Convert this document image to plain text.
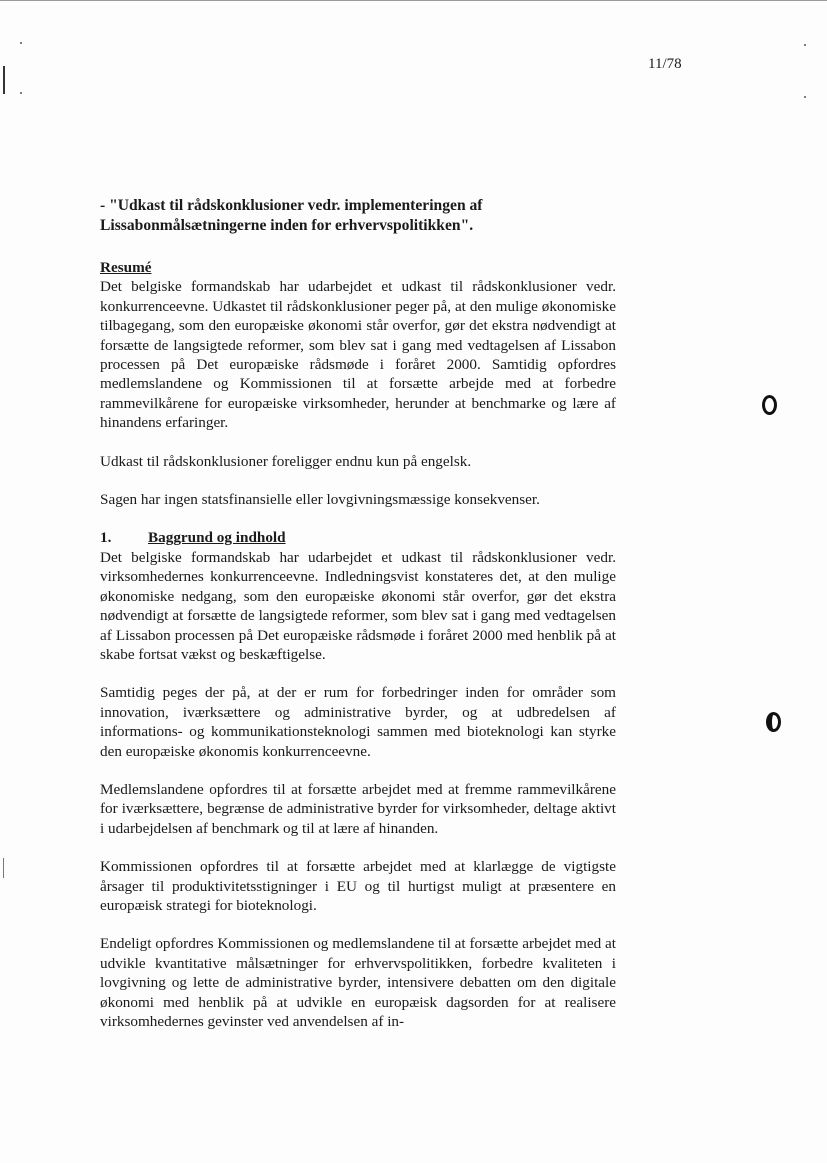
11/78

- "Udkast til rådskonklusioner vedr. implementeringen af Lissabonmålsætningerne inden for erhvervspolitikken".

Resumé

Det belgiske formandskab har udarbejdet et udkast til rådskonklusioner vedr. konkurrenceevne. Udkastet til rådskonklusioner peger på, at den mulige økonomiske tilbagegang, som den europæiske økonomi står overfor, gør det ekstra nødvendigt at forsætte de langsigtede reformer, som blev sat i gang med vedtagelsen af Lissabon processen på Det europæiske rådsmøde i foråret 2000. Samtidig opfordres medlemslandene og Kommissionen til at forsætte arbejde med at forbedre rammevilkårene for europæiske virksomheder, herunder at benchmarke og lære af hinandens erfaringer.

Udkast til rådskonklusioner foreligger endnu kun på engelsk.

Sagen har ingen statsfinansielle eller lovgivningsmæssige konsekvenser.

1.	Baggrund og indhold

Det belgiske formandskab har udarbejdet et udkast til rådskonklusioner vedr. virksomhedernes konkurrenceevne. Indledningsvist konstateres det, at den mulige økonomiske nedgang, som den europæiske økonomi står overfor, gør det ekstra nødvendigt at forsætte de langsigtede reformer, som blev sat i gang med vedtagelsen af Lissabon processen på Det europæiske rådsmøde i foråret 2000 med henblik på at skabe fortsat vækst og beskæftigelse.

Samtidig peges der på, at der er rum for forbedringer inden for områder som innovation, iværksættere og administrative byrder, og at udbredelsen af informations- og kommunikationsteknologi sammen med bioteknologi kan styrke den europæiske økonomis konkurrenceevne.

Medlemslandene opfordres til at forsætte arbejdet med at fremme rammevilkårene for iværksættere, begrænse de administrative byrder for virksomheder, deltage aktivt i udarbejdelsen af benchmark og til at lære af hinanden.

Kommissionen opfordres til at forsætte arbejdet med at klarlægge de vigtigste årsager til produktivitetsstigninger i EU og til hurtigst muligt at præsentere en europæisk strategi for bioteknologi.

Endeligt opfordres Kommissionen og medlemslandene til at forsætte arbejdet med at udvikle kvantitative målsætninger for erhvervspolitikken, forbedre kvaliteten i lovgivning og lette de administrative byrder, intensivere debatten om den digitale økonomi med henblik på at udvikle en europæisk dagsorden for at realisere virksomhedernes gevinster ved anvendelsen af in-
